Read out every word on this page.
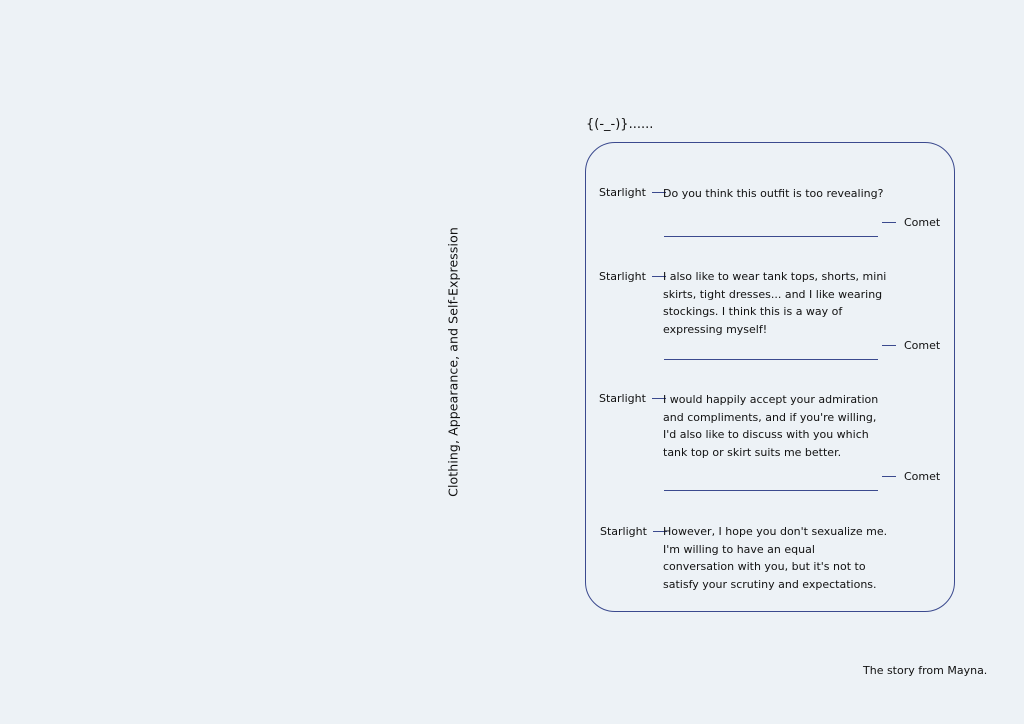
Clothing, Appearance, and Self-Expression
{(-_-)}......
Starlight Do you think this outfit is too revealing?
Comet
Starlight I also like to wear tank tops, shorts, mini skirts, tight dresses... and I like wearing stockings. I think this is a way of expressing myself!
Comet
Starlight I would happily accept your admiration and compliments, and if you're willing, I'd also like to discuss with you which tank top or skirt suits me better.
Comet
Starlight However, I hope you don't sexualize me. I'm willing to have an equal conversation with you, but it's not to satisfy your scrutiny and expectations.
The story from Mayna.
